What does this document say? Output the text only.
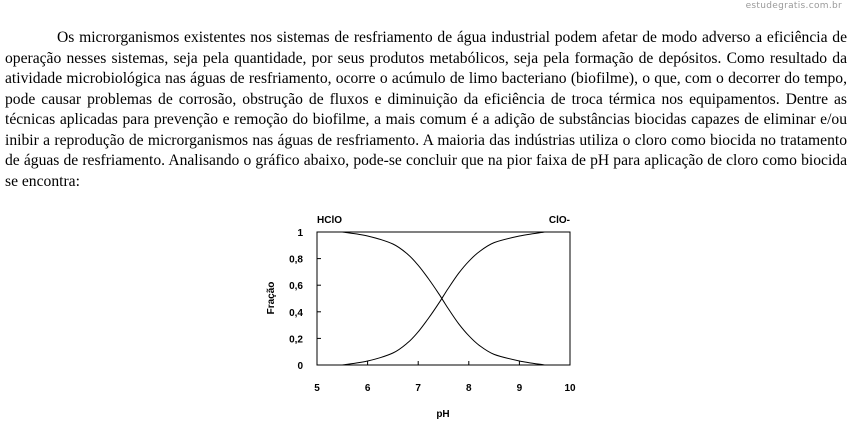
estudegratis.com.br

Os microrganismos existentes nos sistemas de resfriamento de água industrial podem afetar de modo adverso a eficiência de operação nesses sistemas, seja pela quantidade, por seus produtos metabólicos, seja pela formação de depósitos. Como resultado da atividade microbiológica nas águas de resfriamento, ocorre o acúmulo de limo bacteriano (biofilme), o que, com o decorrer do tempo, pode causar problemas de corrosão, obstrução de fluxos e diminuição da eficiência de troca térmica nos equipamentos. Dentre as técnicas aplicadas para prevenção e remoção do biofilme, a mais comum é a adição de substâncias biocidas capazes de eliminar e/ou inibir a reprodução de microrganismos nas águas de resfriamento. A maioria das indústrias utiliza o cloro como biocida no tratamento de águas de resfriamento. Analisando o gráfico abaixo, pode-se concluir que na pior faixa de pH para aplicação de cloro como biocida se encontra:

0
0,2
0,4
0,6
0,8
1
5	6	7	8	9	10
HClO	ClO-
Fração
pH
